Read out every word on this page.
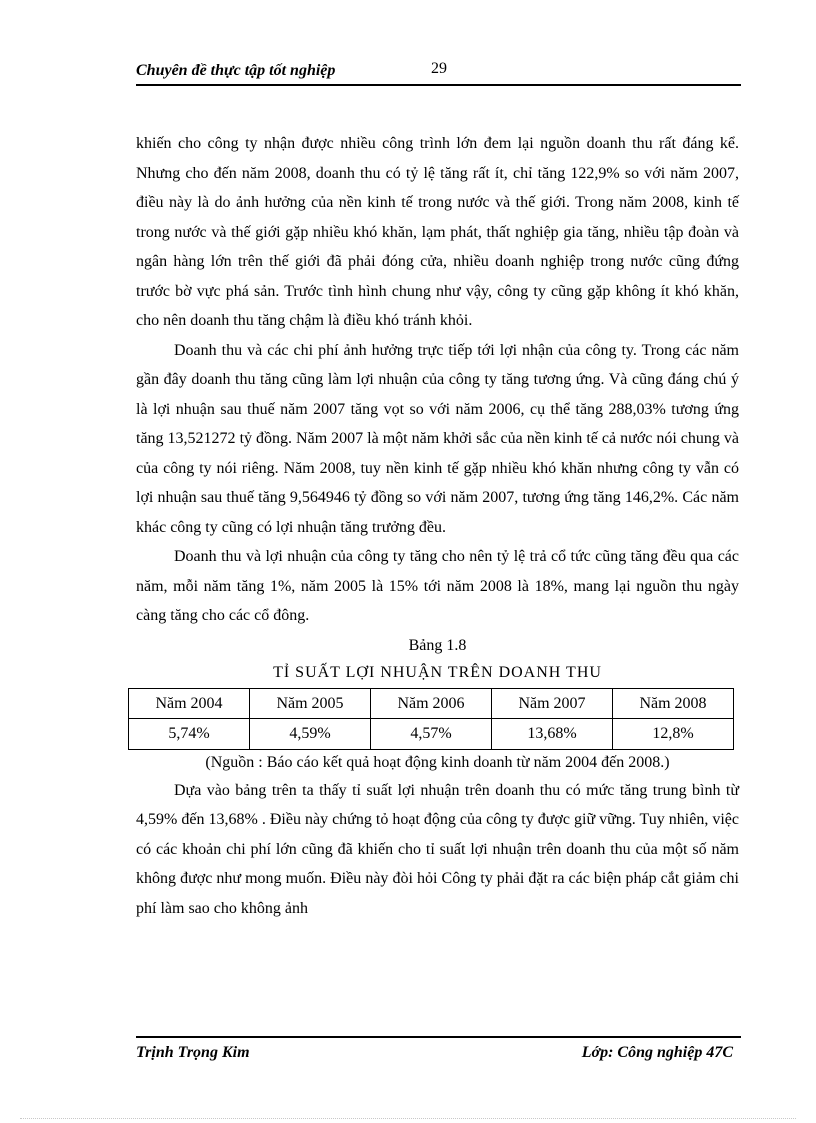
Chuyên đề thực tập tốt nghiệp	29

khiến cho công ty nhận được nhiều công trình lớn đem lại nguồn doanh thu rất đáng kể. Nhưng cho đến năm 2008, doanh thu có tỷ lệ tăng rất ít, chỉ tăng 122,9% so với năm 2007, điều này là do ảnh hưởng của nền kinh tế trong nước và thế giới. Trong năm 2008, kinh tế trong nước và thế giới gặp nhiều khó khăn, lạm phát, thất nghiệp gia tăng, nhiều tập đoàn và ngân hàng lớn trên thế giới đã phải đóng cửa, nhiều doanh nghiệp trong nước cũng đứng trước bờ vực phá sản. Trước tình hình chung như vậy, công ty cũng gặp không ít khó khăn, cho nên doanh thu tăng chậm là điều khó tránh khỏi.

Doanh thu và các chi phí ảnh hưởng trực tiếp tới lợi nhận của công ty. Trong các năm gần đây doanh thu tăng cũng làm lợi nhuận của công ty tăng tương ứng. Và cũng đáng chú ý là lợi nhuận sau thuế năm 2007 tăng vọt so với năm 2006, cụ thể tăng 288,03% tương ứng tăng 13,521272 tỷ đồng. Năm 2007 là một năm khởi sắc của nền kinh tế cả nước nói chung và của công ty nói riêng. Năm 2008, tuy nền kinh tế gặp nhiều khó khăn nhưng công ty vẫn có lợi nhuận sau thuế tăng 9,564946 tỷ đồng so với năm 2007, tương ứng tăng 146,2%. Các năm khác công ty cũng có lợi nhuận tăng trưởng đều.

Doanh thu và lợi nhuận của công ty tăng cho nên tỷ lệ trả cổ tức cũng tăng đều qua các năm, mỗi năm tăng 1%, năm 2005 là 15% tới năm 2008 là 18%, mang lại nguồn thu ngày càng tăng cho các cổ đông.

Bảng 1.8
TỈ SUẤT LỢI NHUẬN TRÊN DOANH THU
Năm 2004	Năm 2005	Năm 2006	Năm 2007	Năm 2008
5,74%	4,59%	4,57%	13,68%	12,8%
(Nguồn : Báo cáo kết quả hoạt động kinh doanh từ năm 2004 đến 2008.)

Dựa vào bảng trên ta thấy tỉ suất lợi nhuận trên doanh thu có mức tăng trung bình từ 4,59% đến 13,68% . Điều này chứng tỏ hoạt động của công ty được giữ vững. Tuy nhiên, việc có các khoản chi phí lớn cũng đã khiến cho tỉ suất lợi nhuận trên doanh thu của một số năm không được như mong muốn. Điều này đòi hỏi Công ty phải đặt ra các biện pháp cắt giảm chi phí làm sao cho không ảnh

Trịnh Trọng Kim	Lớp: Công nghiệp 47C
